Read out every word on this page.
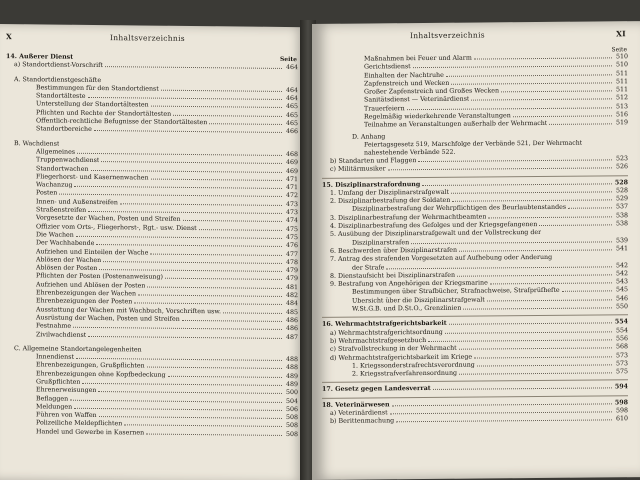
X	Inhaltsverzeichnis
14. Äußerer Dienst	Seite
a) Standortdienst-Vorschrift	464
A. Standortdienstgeschäfte
Bestimmungen für den Standortdienst	464
Standortälteste	464
Unterstellung der Standortältesten	465
Pflichten und Rechte der Standortältesten	465
Öffentlich-rechtliche Befugnisse der Standortältesten	465
Standortbereiche	466
B. Wachdienst
Allgemeines	468
Truppenwachdienst	469
Standortwachen	469
Fliegerhorst- und Kasernenwachen	471
Wachanzug	471
Posten	472
Innen- und Außenstreifen	473
Straßenstreifen	473
Vorgesetzte der Wachen, Posten und Streifen	474
Offizier vom Orts-, Fliegerhorst-, Rgt.- usw. Dienst	475
Die Wachen	475
Der Wachhabende	476
Aufziehen und Einteilen der Wache	477
Ablösen der Wachen	478
Ablösen der Posten	479
Pflichten der Posten (Postenanweisung)	479
Aufziehen und Ablösen der Posten	481
Ehrenbezeigungen der Wachen	482
Ehrenbezeigungen der Posten	484
Ausstattung der Wachen mit Wachbuch, Vorschriften usw.	485
Ausrüstung der Wachen, Posten und Streifen	486
Festnahme	486
Zivilwachdienst	487
C. Allgemeine Standortangelegenheiten
Innendienst	488
Ehrenbezeigungen, Grußpflichten	488
Ehrenbezeigungen ohne Kopfbedeckung	489
Grußpflichten	489
Ehrenerweisungen	500
Beflaggen	504
Meldungen	506
Führen von Waffen	508
Polizeiliche Meldepflichten	508
Handel und Gewerbe in Kasernen	508
Inhaltsverzeichnis	XI
Seite
Maßnahmen bei Feuer und Alarm	510
Gerichtsdienst	510
Einhalten der Nachtruhe	511
Zapfenstreich und Wecken	511
Großer Zapfenstreich und Großes Wecken	511
Sanitätsdienst — Veterinärdienst	512
Trauerfeiern	513
Regelmäßig wiederkehrende Veranstaltungen	516
Teilnahme an Veranstaltungen außerhalb der Wehrmacht	519
D. Anhang
Feiertagsgesetz 519, Marschfolge der Verbände 521, Der Wehrmacht nahestehende Verbände 522.
b) Standarten und Flaggen	523
c) Militärmusiker	526
15. Disziplinarstrafordnung	528
1. Umfang der Disziplinarstrafgewalt	528
2. Disziplinarbestrafung der Soldaten	529
Disziplinarbestrafung der Wehrpflichtigen des Beurlaubtenstandes	537
3. Disziplinarbestrafung der Wehrmachtbeamten	538
4. Disziplinarbestrafung des Gefolges und der Kriegsgefangenen	538
5. Ausübung der Disziplinarstrafgewalt und der Vollstreckung der
Disziplinarstrafen	539
6. Beschwerden über Disziplinarstrafen	541
7. Antrag des strafenden Vorgesetzten auf Aufhebung oder Änderung
der Strafe	542
8. Dienstaufsicht bei Disziplinarstrafen	542
9. Bestrafung von Angehörigen der Kriegsmarine	543
Bestimmungen über Strafbücher, Strafnachweise, Strafprüfhefte	545
Übersicht über die Disziplinarstrafgewalt	546
W.St.G.B. und D.St.O., Grenzlinien	550
16. Wehrmachtstrafgerichtsbarkeit	554
a) Wehrmachtstrafgerichtsordnung	554
b) Wehrmachtstrafgesetzbuch	556
c) Strafvollstreckung in der Wehrmacht	568
d) Wehrmachtstrafgerichtsbarkeit im Kriege	573
1. Kriegssonderstrafrechtsverordnung	573
2. Kriegsstrafverfahrensordnung	575
17. Gesetz gegen Landesverrat	594
18. Veterinärwesen	598
a) Veterinärdienst	598
b) Berittenmachung	610
